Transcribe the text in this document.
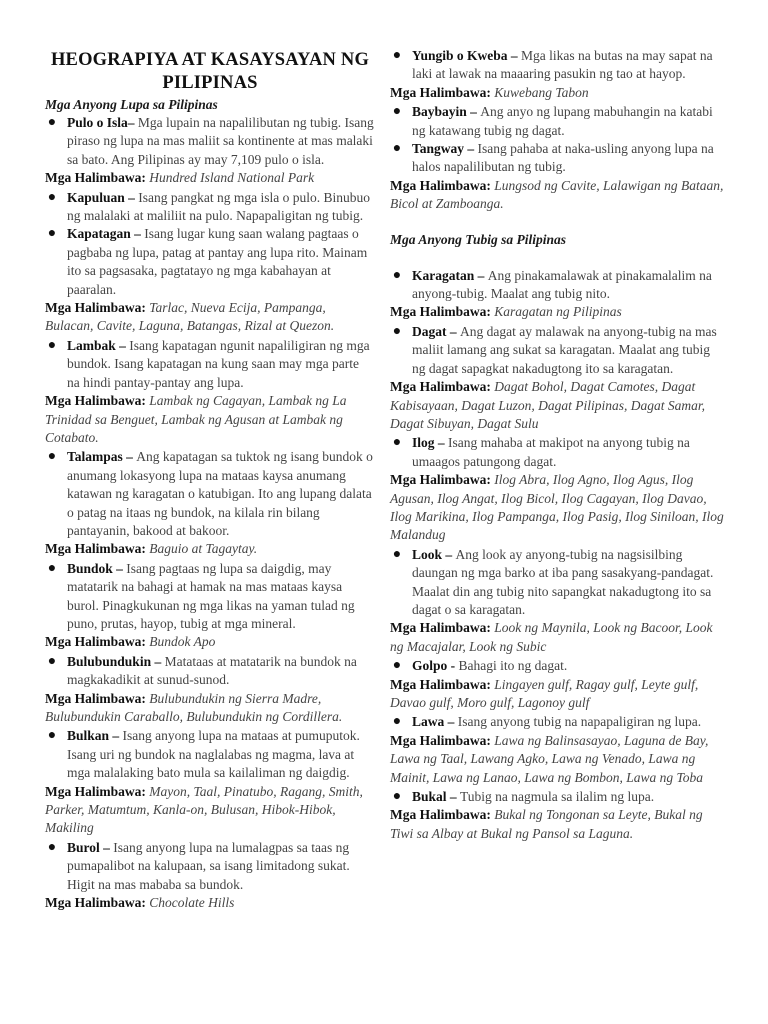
HEOGRAPIYA AT KASAYSAYAN NG PILIPINAS
Mga Anyong Lupa sa Pilipinas
● Pulo o Isla– Mga lupain na napalilibutan ng tubig. Isang piraso ng lupa na mas maliit sa kontinente at mas malaki sa bato. Ang Pilipinas ay may 7,109 pulo o isla.
Mga Halimbawa: Hundred Island National Park
● Kapuluan – Isang pangkat ng mga isla o pulo. Binubuo ng malalaki at maliliit na pulo. Napapaligitan ng tubig.
● Kapatagan – Isang lugar kung saan walang pagtaas o pagbaba ng lupa, patag at pantay ang lupa rito. Mainam ito sa pagsasaka, pagtatayo ng mga kabahayan at paaralan.
Mga Halimbawa: Tarlac, Nueva Ecija, Pampanga, Bulacan, Cavite, Laguna, Batangas, Rizal at Quezon.
● Lambak – Isang kapatagan ngunit napaliligiran ng mga bundok. Isang kapatagan na kung saan may mga parte na hindi pantay-pantay ang lupa.
Mga Halimbawa: Lambak ng Cagayan, Lambak ng La Trinidad sa Benguet, Lambak ng Agusan at Lambak ng Cotabato.
● Talampas – Ang kapatagan sa tuktok ng isang bundok o anumang lokasyong lupa na mataas kaysa anumang katawan ng karagatan o katubigan. Ito ang lupang dalata o patag na itaas ng bundok, na kilala rin bilang pantayanin, bakood at bakoor.
Mga Halimbawa: Baguio at Tagaytay.
● Bundok – Isang pagtaas ng lupa sa daigdig, may matatarik na bahagi at hamak na mas mataas kaysa burol. Pinagkukunan ng mga likas na yaman tulad ng puno, prutas, hayop, tubig at mga mineral.
Mga Halimbawa: Bundok Apo
● Bulubundukin – Matataas at matatarik na bundok na magkakadikit at sunud-sunod.
Mga Halimbawa: Bulubundukin ng Sierra Madre, Bulubundukin Caraballo, Bulubundukin ng Cordillera.
● Bulkan – Isang anyong lupa na mataas at pumuputok. Isang uri ng bundok na naglalabas ng magma, lava at mga malalaking bato mula sa kailaliman ng daigdig.
Mga Halimbawa: Mayon, Taal, Pinatubo, Ragang, Smith, Parker, Matumtum, Kanla-on, Bulusan, Hibok-Hibok, Makiling
● Burol – Isang anyong lupa na lumalagpas sa taas ng pumapalibot na kalupaan, sa isang limitadong sukat. Higit na mas mababa sa bundok.
Mga Halimbawa: Chocolate Hills
● Yungib o Kweba – Mga likas na butas na may sapat na laki at lawak na maaaring pasukin ng tao at hayop.
Mga Halimbawa: Kuwebang Tabon
● Baybayin – Ang anyo ng lupang mabuhangin na katabi ng katawang tubig ng dagat.
● Tangway – Isang pahaba at naka-usling anyong lupa na halos napalilibutan ng tubig.
Mga Halimbawa: Lungsod ng Cavite, Lalawigan ng Bataan, Bicol at Zamboanga.
Mga Anyong Tubig sa Pilipinas
● Karagatan – Ang pinakamalawak at pinakamalalim na anyong-tubig. Maalat ang tubig nito.
Mga Halimbawa: Karagatan ng Pilipinas
● Dagat – Ang dagat ay malawak na anyong-tubig na mas maliit lamang ang sukat sa karagatan. Maalat ang tubig ng dagat sapagkat nakadugtong ito sa karagatan.
Mga Halimbawa: Dagat Bohol, Dagat Camotes, Dagat Kabisayaan, Dagat Luzon, Dagat Pilipinas, Dagat Samar, Dagat Sibuyan, Dagat Sulu
● Ilog – Isang mahaba at makipot na anyong tubig na umaagos patungong dagat.
Mga Halimbawa: Ilog Abra, Ilog Agno, Ilog Agus, Ilog Agusan, Ilog Angat, Ilog Bicol, Ilog Cagayan, Ilog Davao, Ilog Marikina, Ilog Pampanga, Ilog Pasig, Ilog Siniloan, Ilog Malandug
● Look – Ang look ay anyong-tubig na nagsisilbing daungan ng mga barko at iba pang sasakyang-pandagat. Maalat din ang tubig nito sapangkat nakadugtong ito sa dagat o sa karagatan.
Mga Halimbawa: Look ng Maynila, Look ng Bacoor, Look ng Macajalar, Look ng Subic
● Golpo - Bahagi ito ng dagat.
Mga Halimbawa: Lingayen gulf, Ragay gulf, Leyte gulf, Davao gulf, Moro gulf, Lagonoy gulf
● Lawa – Isang anyong tubig na napapaligiran ng lupa.
Mga Halimbawa: Lawa ng Balinsasayao, Laguna de Bay, Lawa ng Taal, Lawang Agko, Lawa ng Venado, Lawa ng Mainit, Lawa ng Lanao, Lawa ng Bombon, Lawa ng Toba
● Bukal – Tubig na nagmula sa ilalim ng lupa.
Mga Halimbawa: Bukal ng Tongonan sa Leyte, Bukal ng Tiwi sa Albay at Bukal ng Pansol sa Laguna.
